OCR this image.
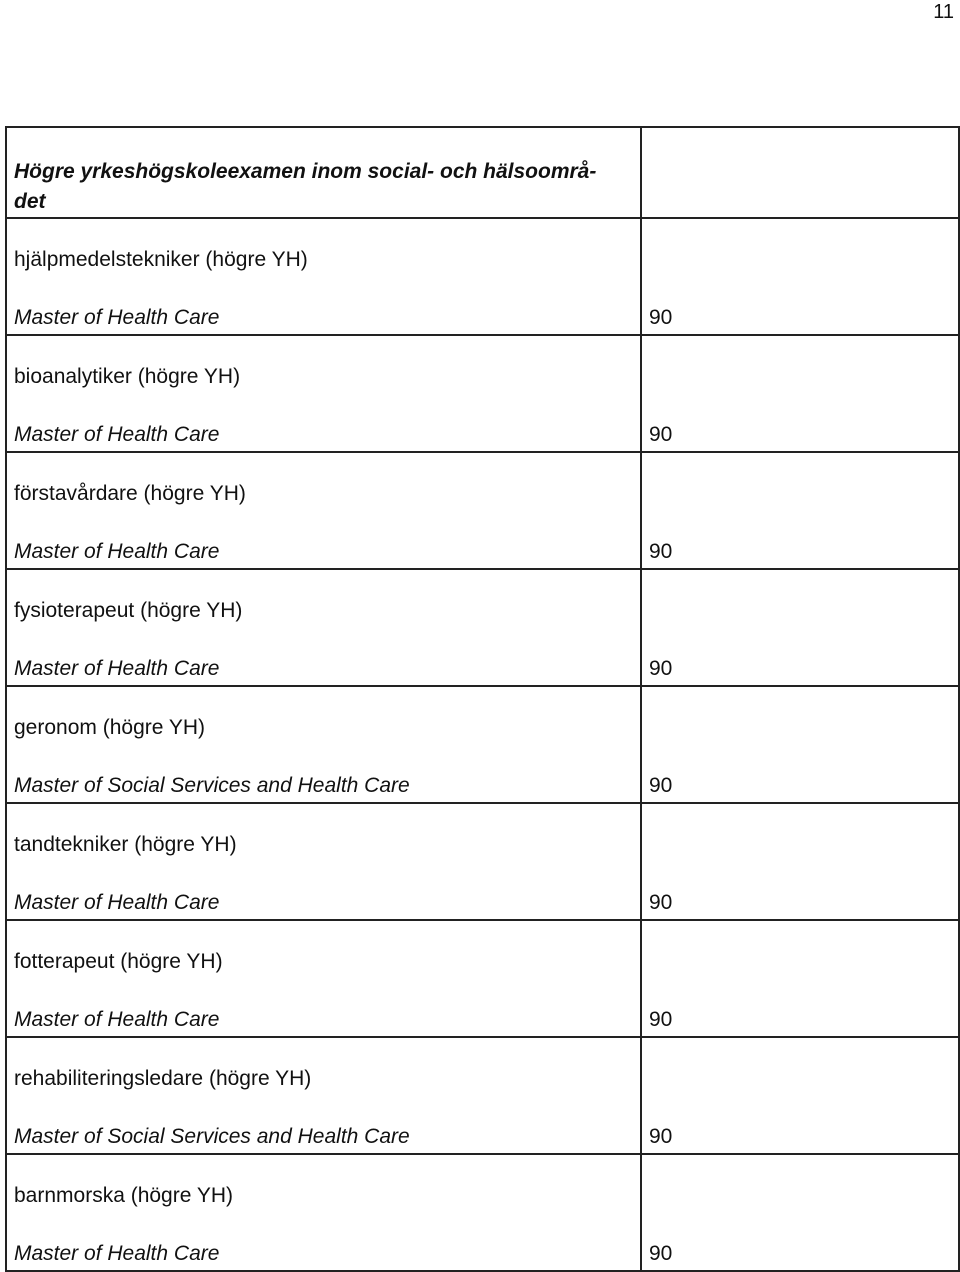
11
Högre yrkeshögskoleexamen inom social- och hälsoområ-
det	

hjälpmedelstekniker (högre YH)
Master of Health Care	90

bioanalytiker (högre YH)
Master of Health Care	90

förstavårdare (högre YH)
Master of Health Care	90

fysioterapeut (högre YH)
Master of Health Care	90

geronom (högre YH)
Master of Social Services and Health Care	90

tandtekniker (högre YH)
Master of Health Care	90

fotterapeut (högre YH)
Master of Health Care	90

rehabiliteringsledare (högre YH)
Master of Social Services and Health Care	90

barnmorska (högre YH)
Master of Health Care	90
